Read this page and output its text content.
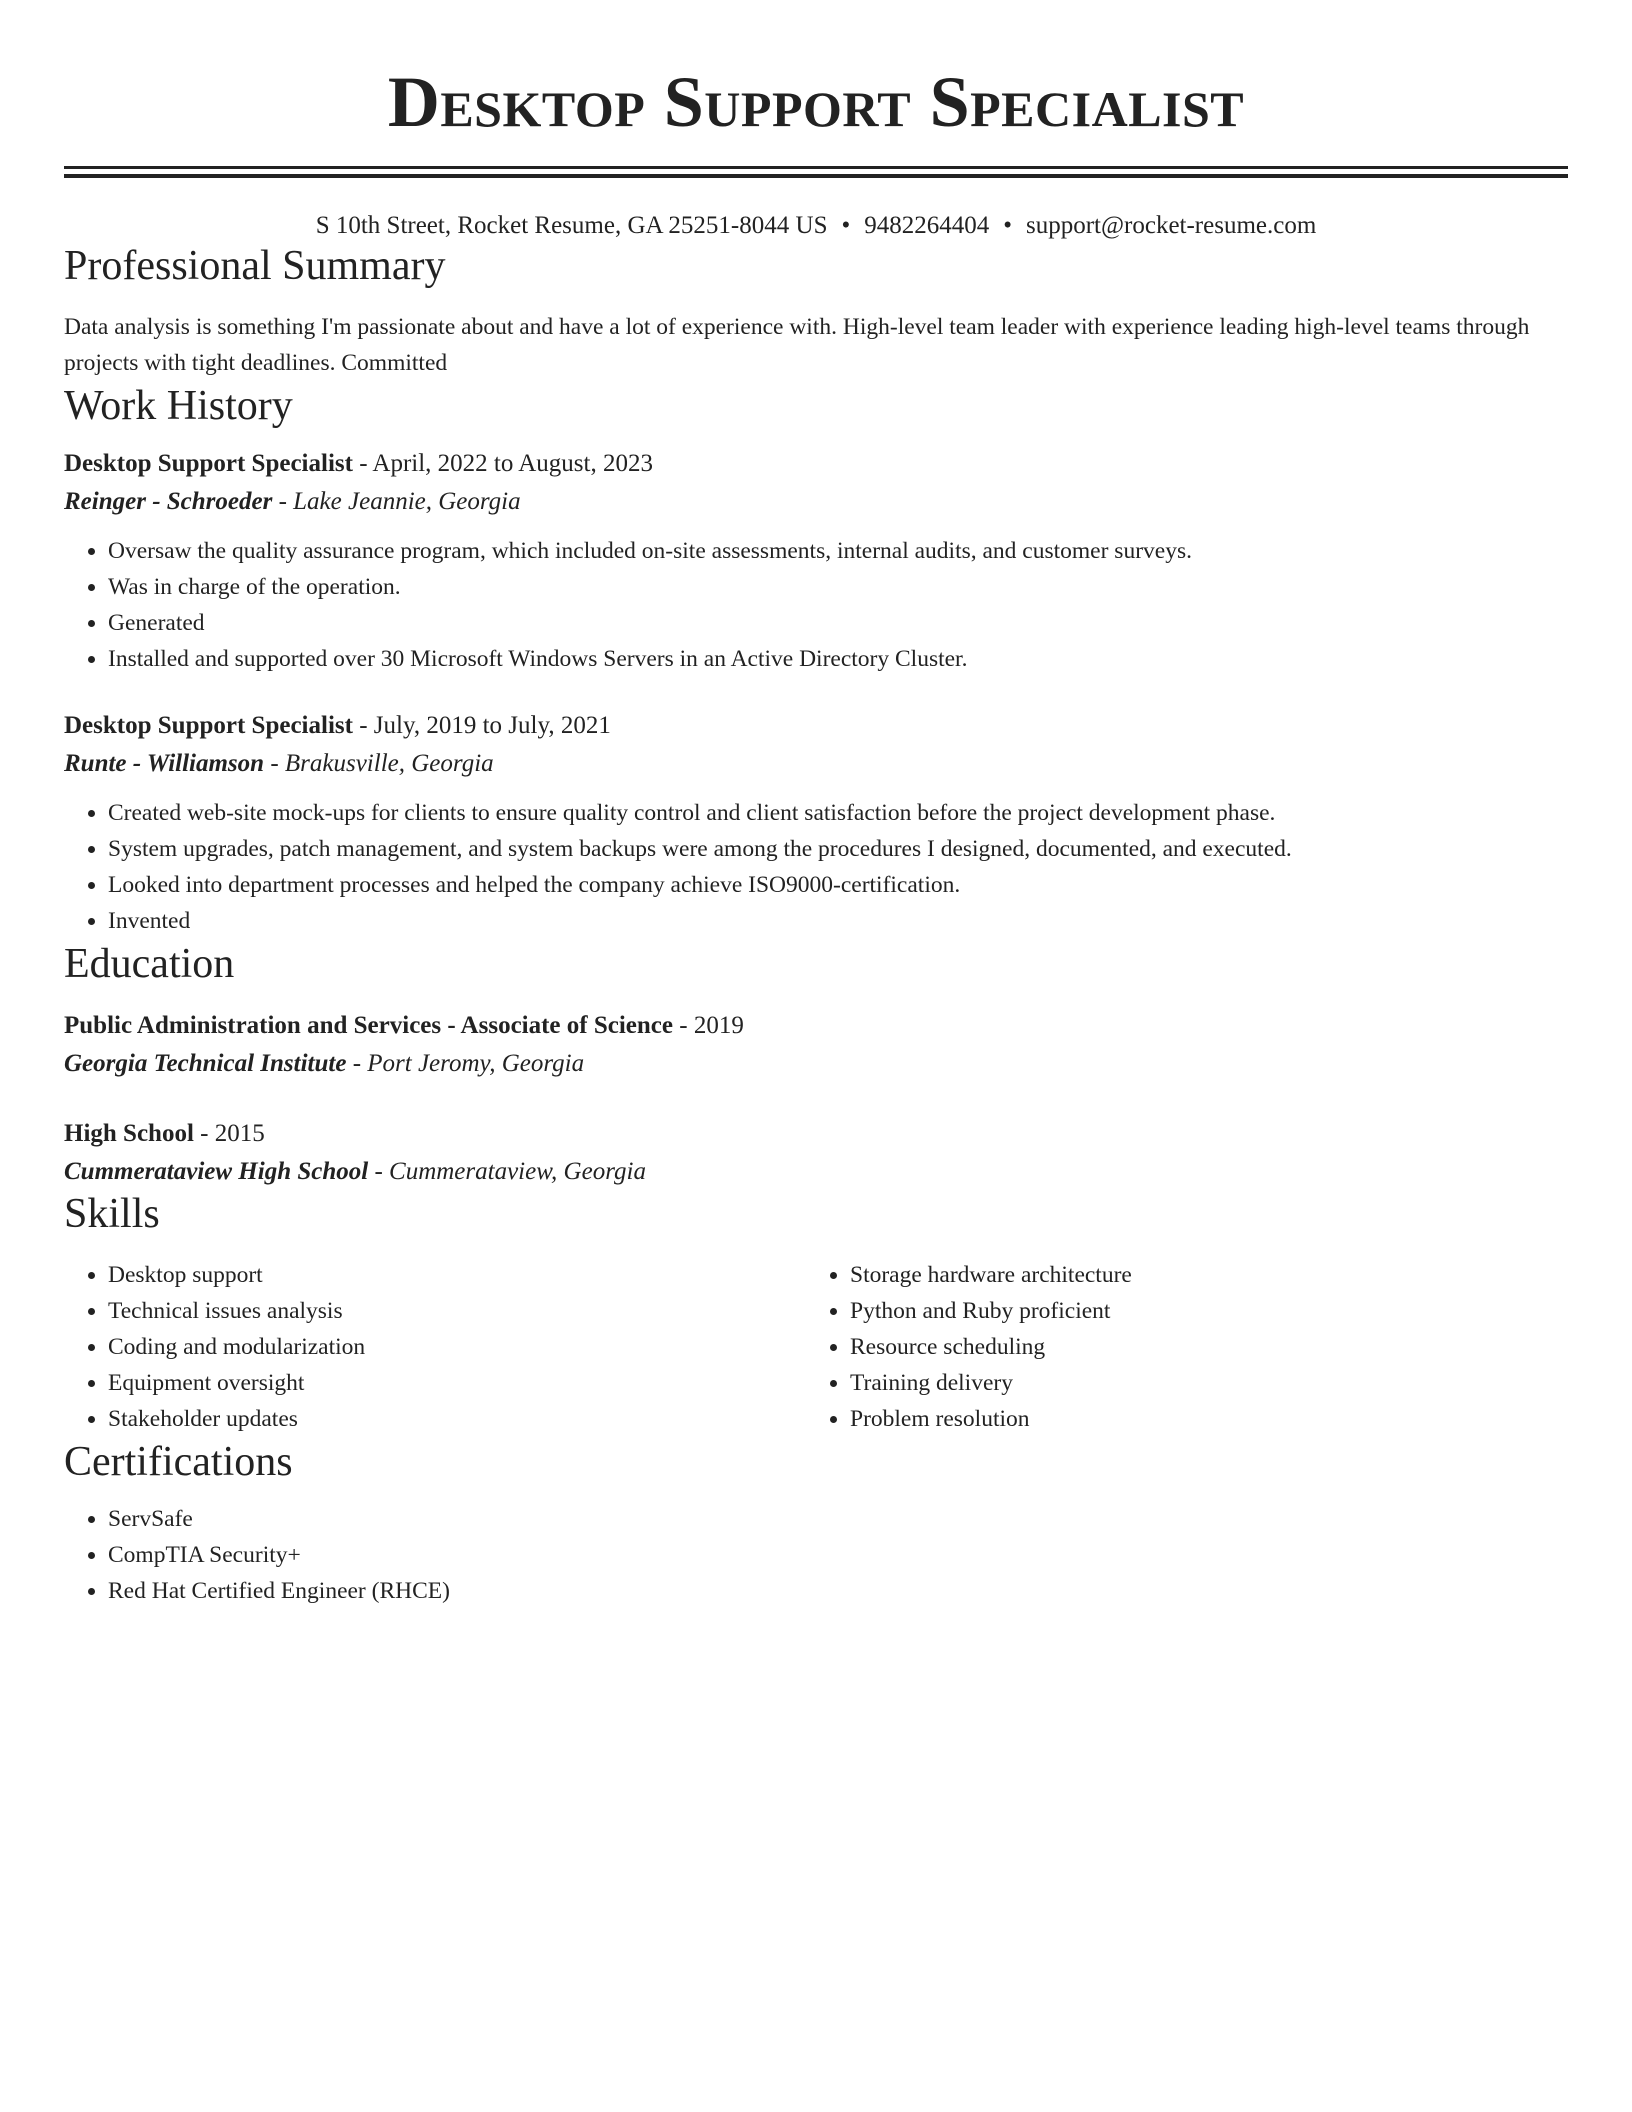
Desktop Support Specialist
S 10th Street, Rocket Resume, GA 25251-8044 US • 9482264404 • support@rocket-resume.com
Professional Summary

Data analysis is something I'm passionate about and have a lot of experience with. High-level team leader with experience leading high-level teams through projects with tight deadlines. Committed

Work History
Desktop Support Specialist - April, 2022 to August, 2023
Reinger - Schroeder - Lake Jeannie, Georgia
• Oversaw the quality assurance program, which included on-site assessments, internal audits, and customer surveys.
• Was in charge of the operation.
• Generated
• Installed and supported over 30 Microsoft Windows Servers in an Active Directory Cluster.
Desktop Support Specialist - July, 2019 to July, 2021
Runte - Williamson - Brakusville, Georgia
• Created web-site mock-ups for clients to ensure quality control and client satisfaction before the project development phase.
• System upgrades, patch management, and system backups were among the procedures I designed, documented, and executed.
• Looked into department processes and helped the company achieve ISO9000-certification.
• Invented
Education
Public Administration and Services - Associate of Science - 2019
Georgia Technical Institute - Port Jeromy, Georgia
High School - 2015
Cummerataview High School - Cummerataview, Georgia
Skills
• Desktop support
• Technical issues analysis
• Coding and modularization
• Equipment oversight
• Stakeholder updates
• Storage hardware architecture
• Python and Ruby proficient
• Resource scheduling
• Training delivery
• Problem resolution
Certifications
• ServSafe
• CompTIA Security+
• Red Hat Certified Engineer (RHCE)
